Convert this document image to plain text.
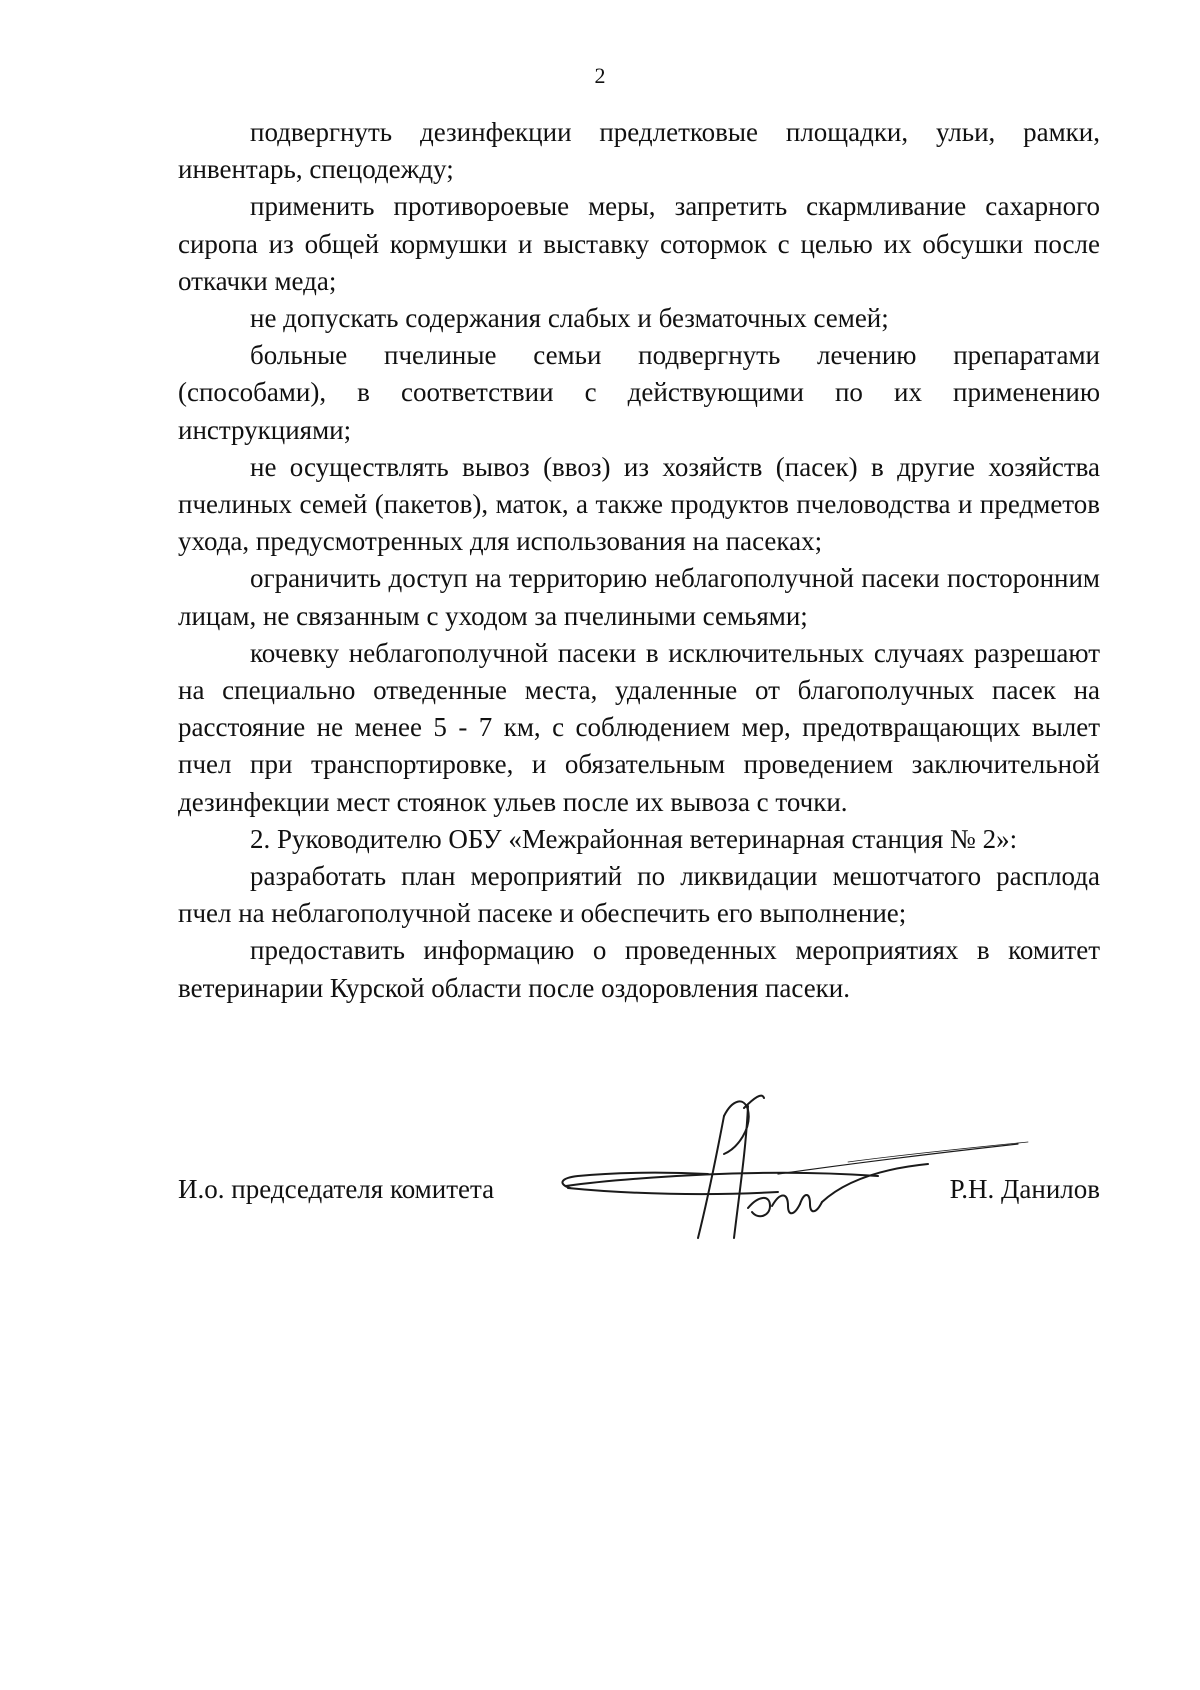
2

подвергнуть дезинфекции предлетковые площадки, ульи, рамки, инвентарь, спецодежду;

применить противороевые меры, запретить скармливание сахарного сиропа из общей кормушки и выставку сотормок с целью их обсушки после откачки меда;

не допускать содержания слабых и безматочных семей;

больные пчелиные семьи подвергнуть лечению препаратами (способами), в соответствии с действующими по их применению инструкциями;

не осуществлять вывоз (ввоз) из хозяйств (пасек) в другие хозяйства пчелиных семей (пакетов), маток, а также продуктов пчеловодства и предметов ухода, предусмотренных для использования на пасеках;

ограничить доступ на территорию неблагополучной пасеки посторонним лицам, не связанным с уходом за пчелиными семьями;

кочевку неблагополучной пасеки в исключительных случаях разрешают на специально отведенные места, удаленные от благополучных пасек на расстояние не менее 5 - 7 км, с соблюдением мер, предотвращающих вылет пчел при транспортировке, и обязательным проведением заключительной дезинфекции мест стоянок ульев после их вывоза с точки.

2. Руководителю ОБУ «Межрайонная ветеринарная станция № 2»:

разработать план мероприятий по ликвидации мешотчатого расплода пчел на неблагополучной пасеке и обеспечить его выполнение;

предоставить информацию о проведенных мероприятиях в комитет ветеринарии Курской области после оздоровления пасеки.

И.о. председателя комитета	Р.Н. Данилов
